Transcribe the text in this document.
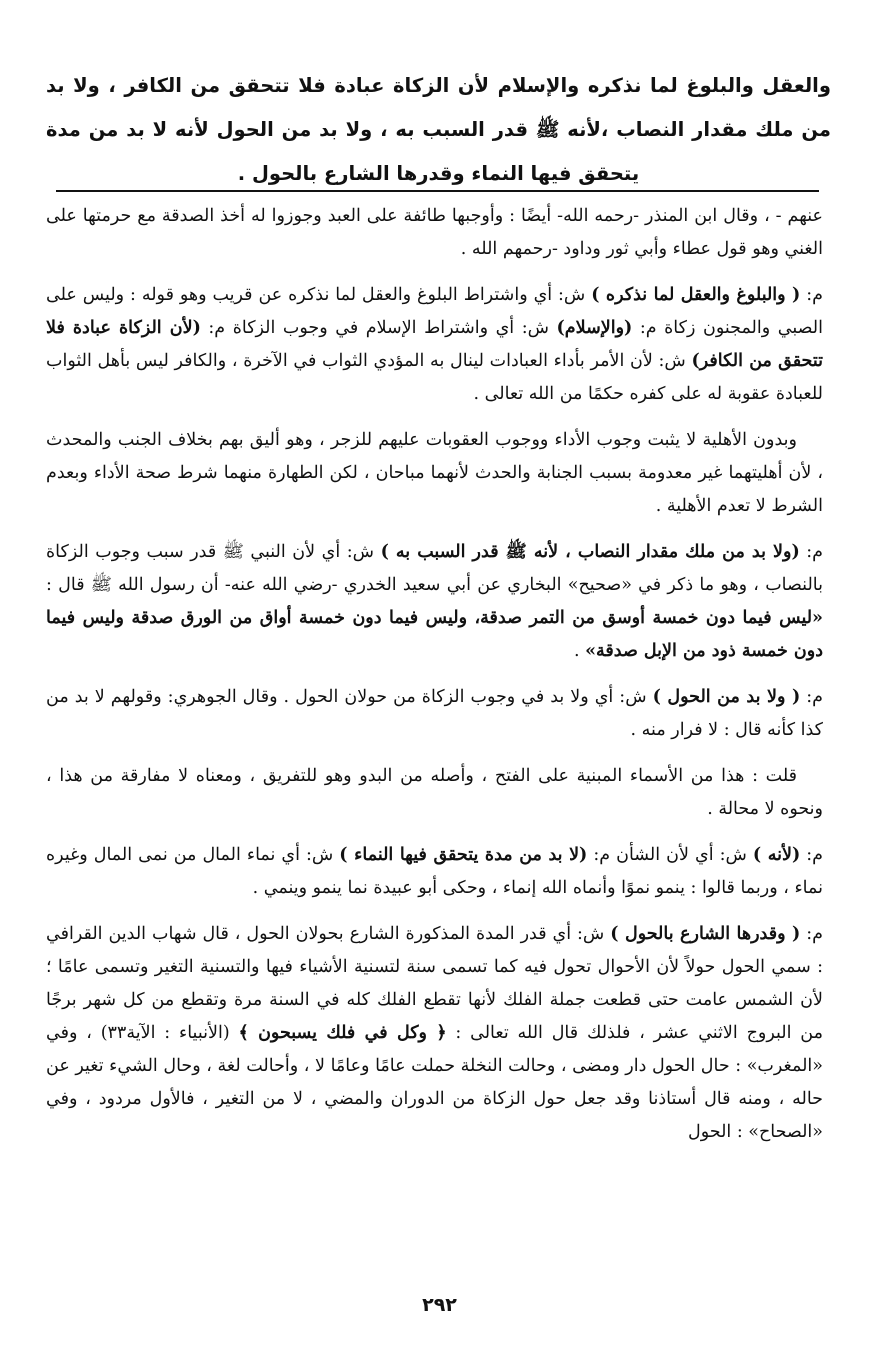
والعقل والبلوغ لما نذكره والإسلام لأن الزكاة عبادة فلا تتحقق من الكافر ، ولا بد من ملك مقدار النصاب ،لأنه ﷺ قدر السبب به ، ولا بد من الحول لأنه لا بد من مدة يتحقق فيها النماء وقدرها الشارع بالحول .

عنهم - ، وقال ابن المنذر -رحمه الله- أيضًا : وأوجبها طائفة على العبد وجوزوا له أخذ الصدقة مع حرمتها على الغني وهو قول عطاء وأبي ثور وداود -رحمهم الله .

م: ( والبلوغ والعقل لما نذكره ) ش: أي واشتراط البلوغ والعقل لما نذكره عن قريب وهو قوله : وليس على الصبي والمجنون زكاة م: (والإسلام) ش: أي واشتراط الإسلام في وجوب الزكاة م: (لأن الزكاة عبادة فلا تتحقق من الكافر) ش: لأن الأمر بأداء العبادات لينال به المؤدي الثواب في الآخرة ، والكافر ليس بأهل الثواب للعبادة عقوبة له على كفره حكمًا من الله تعالى .

وبدون الأهلية لا يثبت وجوب الأداء ووجوب العقوبات عليهم للزجر ، وهو أليق بهم بخلاف الجنب والمحدث ، لأن أهليتهما غير معدومة بسبب الجنابة والحدث لأنهما مباحان ، لكن الطهارة منهما شرط صحة الأداء وبعدم الشرط لا تعدم الأهلية .

م: (ولا بد من ملك مقدار النصاب ، لأنه ﷺ قدر السبب به ) ش: أي لأن النبي ﷺ قدر سبب وجوب الزكاة بالنصاب ، وهو ما ذكر في «صحيح» البخاري عن أبي سعيد الخدري -رضي الله عنه- أن رسول الله ﷺ قال : «ليس فيما دون خمسة أوسق من التمر صدقة، وليس فيما دون خمسة أواق من الورق صدقة وليس فيما دون خمسة ذود من الإبل صدقة» .

م: ( ولا بد من الحول ) ش: أي ولا بد في وجوب الزكاة من حولان الحول . وقال الجوهري: وقولهم لا بد من كذا كأنه قال : لا فرار منه .

قلت : هذا من الأسماء المبنية على الفتح ، وأصله من البدو وهو للتفريق ، ومعناه لا مفارقة من هذا ، ونحوه لا محالة .

م: (لأنه ) ش: أي لأن الشأن م: (لا بد من مدة يتحقق فيها النماء ) ش: أي نماء المال من نمى المال وغيره نماء ، وربما قالوا : ينمو نموًا وأنماه الله إنماء ، وحكى أبو عبيدة نما ينمو وينمي .

م: ( وقدرها الشارع بالحول ) ش: أي قدر المدة المذكورة الشارع بحولان الحول ، قال شهاب الدين القرافي : سمي الحول حولاً لأن الأحوال تحول فيه كما تسمى سنة لتسنية الأشياء فيها والتسنية التغير وتسمى عامًا ؛ لأن الشمس عامت حتى قطعت جملة الفلك لأنها تقطع الفلك كله في السنة مرة وتقطع من كل شهر برجًا من البروج الاثني عشر ، فلذلك قال الله تعالى : ﴿ وكل في فلك يسبحون ﴾ (الأنبياء : الآية٣٣) ، وفي «المغرب» : حال الحول دار ومضى ، وحالت النخلة حملت عامًا وعامًا لا ، وأحالت لغة ، وحال الشيء تغير عن حاله ، ومنه قال أستاذنا وقد جعل حول الزكاة من الدوران والمضي ، لا من التغير ، فالأول مردود ، وفي «الصحاح» : الحول

٢٩٢
